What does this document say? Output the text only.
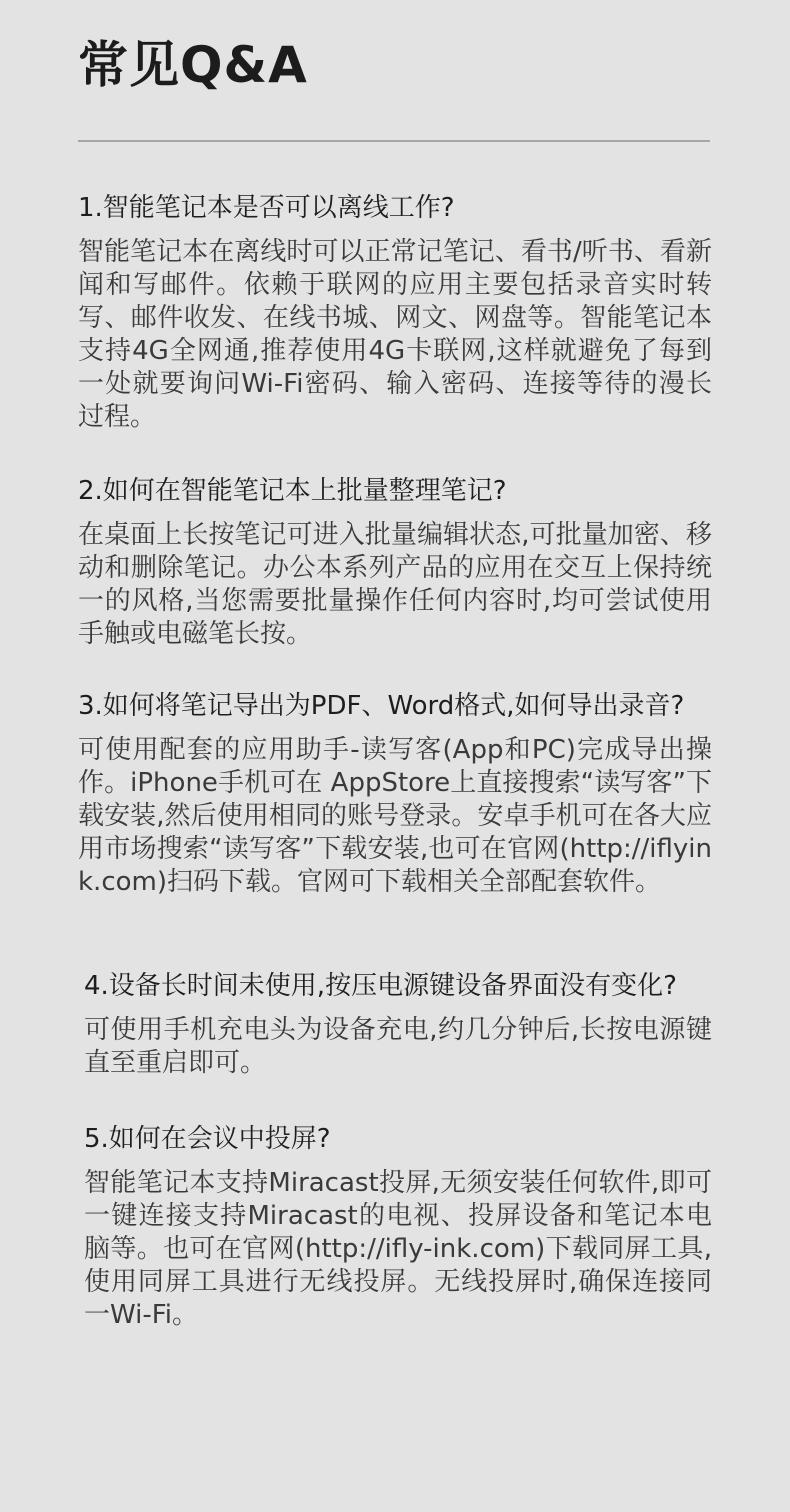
常见Q&A
1.智能笔记本是否可以离线工作?

智能笔记本在离线时可以正常记笔记、看书/听书、看新闻和写邮件。依赖于联网的应用主要包括录音实时转写、邮件收发、在线书城、网文、网盘等。智能笔记本支持4G全网通,推荐使用4G卡联网,这样就避免了每到一处就要询问Wi-Fi密码、输入密码、连接等待的漫长过程。

2.如何在智能笔记本上批量整理笔记?

在桌面上长按笔记可进入批量编辑状态,可批量加密、移动和删除笔记。办公本系列产品的应用在交互上保持统一的风格,当您需要批量操作任何内容时,均可尝试使用手触或电磁笔长按。

3.如何将笔记导出为PDF、Word格式,如何导出录音?

可使用配套的应用助手-读写客(App和PC)完成导出操作。iPhone手机可在 AppStore上直接搜索“读写客”下载安装,然后使用相同的账号登录。安卓手机可在各大应用市场搜索“读写客”下载安装,也可在官网(http://iflyink.com)扫码下载。官网可下载相关全部配套软件。

4.设备长时间未使用,按压电源键设备界面没有变化?

可使用手机充电头为设备充电,约几分钟后,长按电源键直至重启即可。

5.如何在会议中投屏?

智能笔记本支持Miracast投屏,无须安装任何软件,即可一键连接支持Miracast的电视、投屏设备和笔记本电脑等。也可在官网(http://ifly-ink.com)下载同屏工具,使用同屏工具进行无线投屏。无线投屏时,确保连接同一Wi-Fi。
